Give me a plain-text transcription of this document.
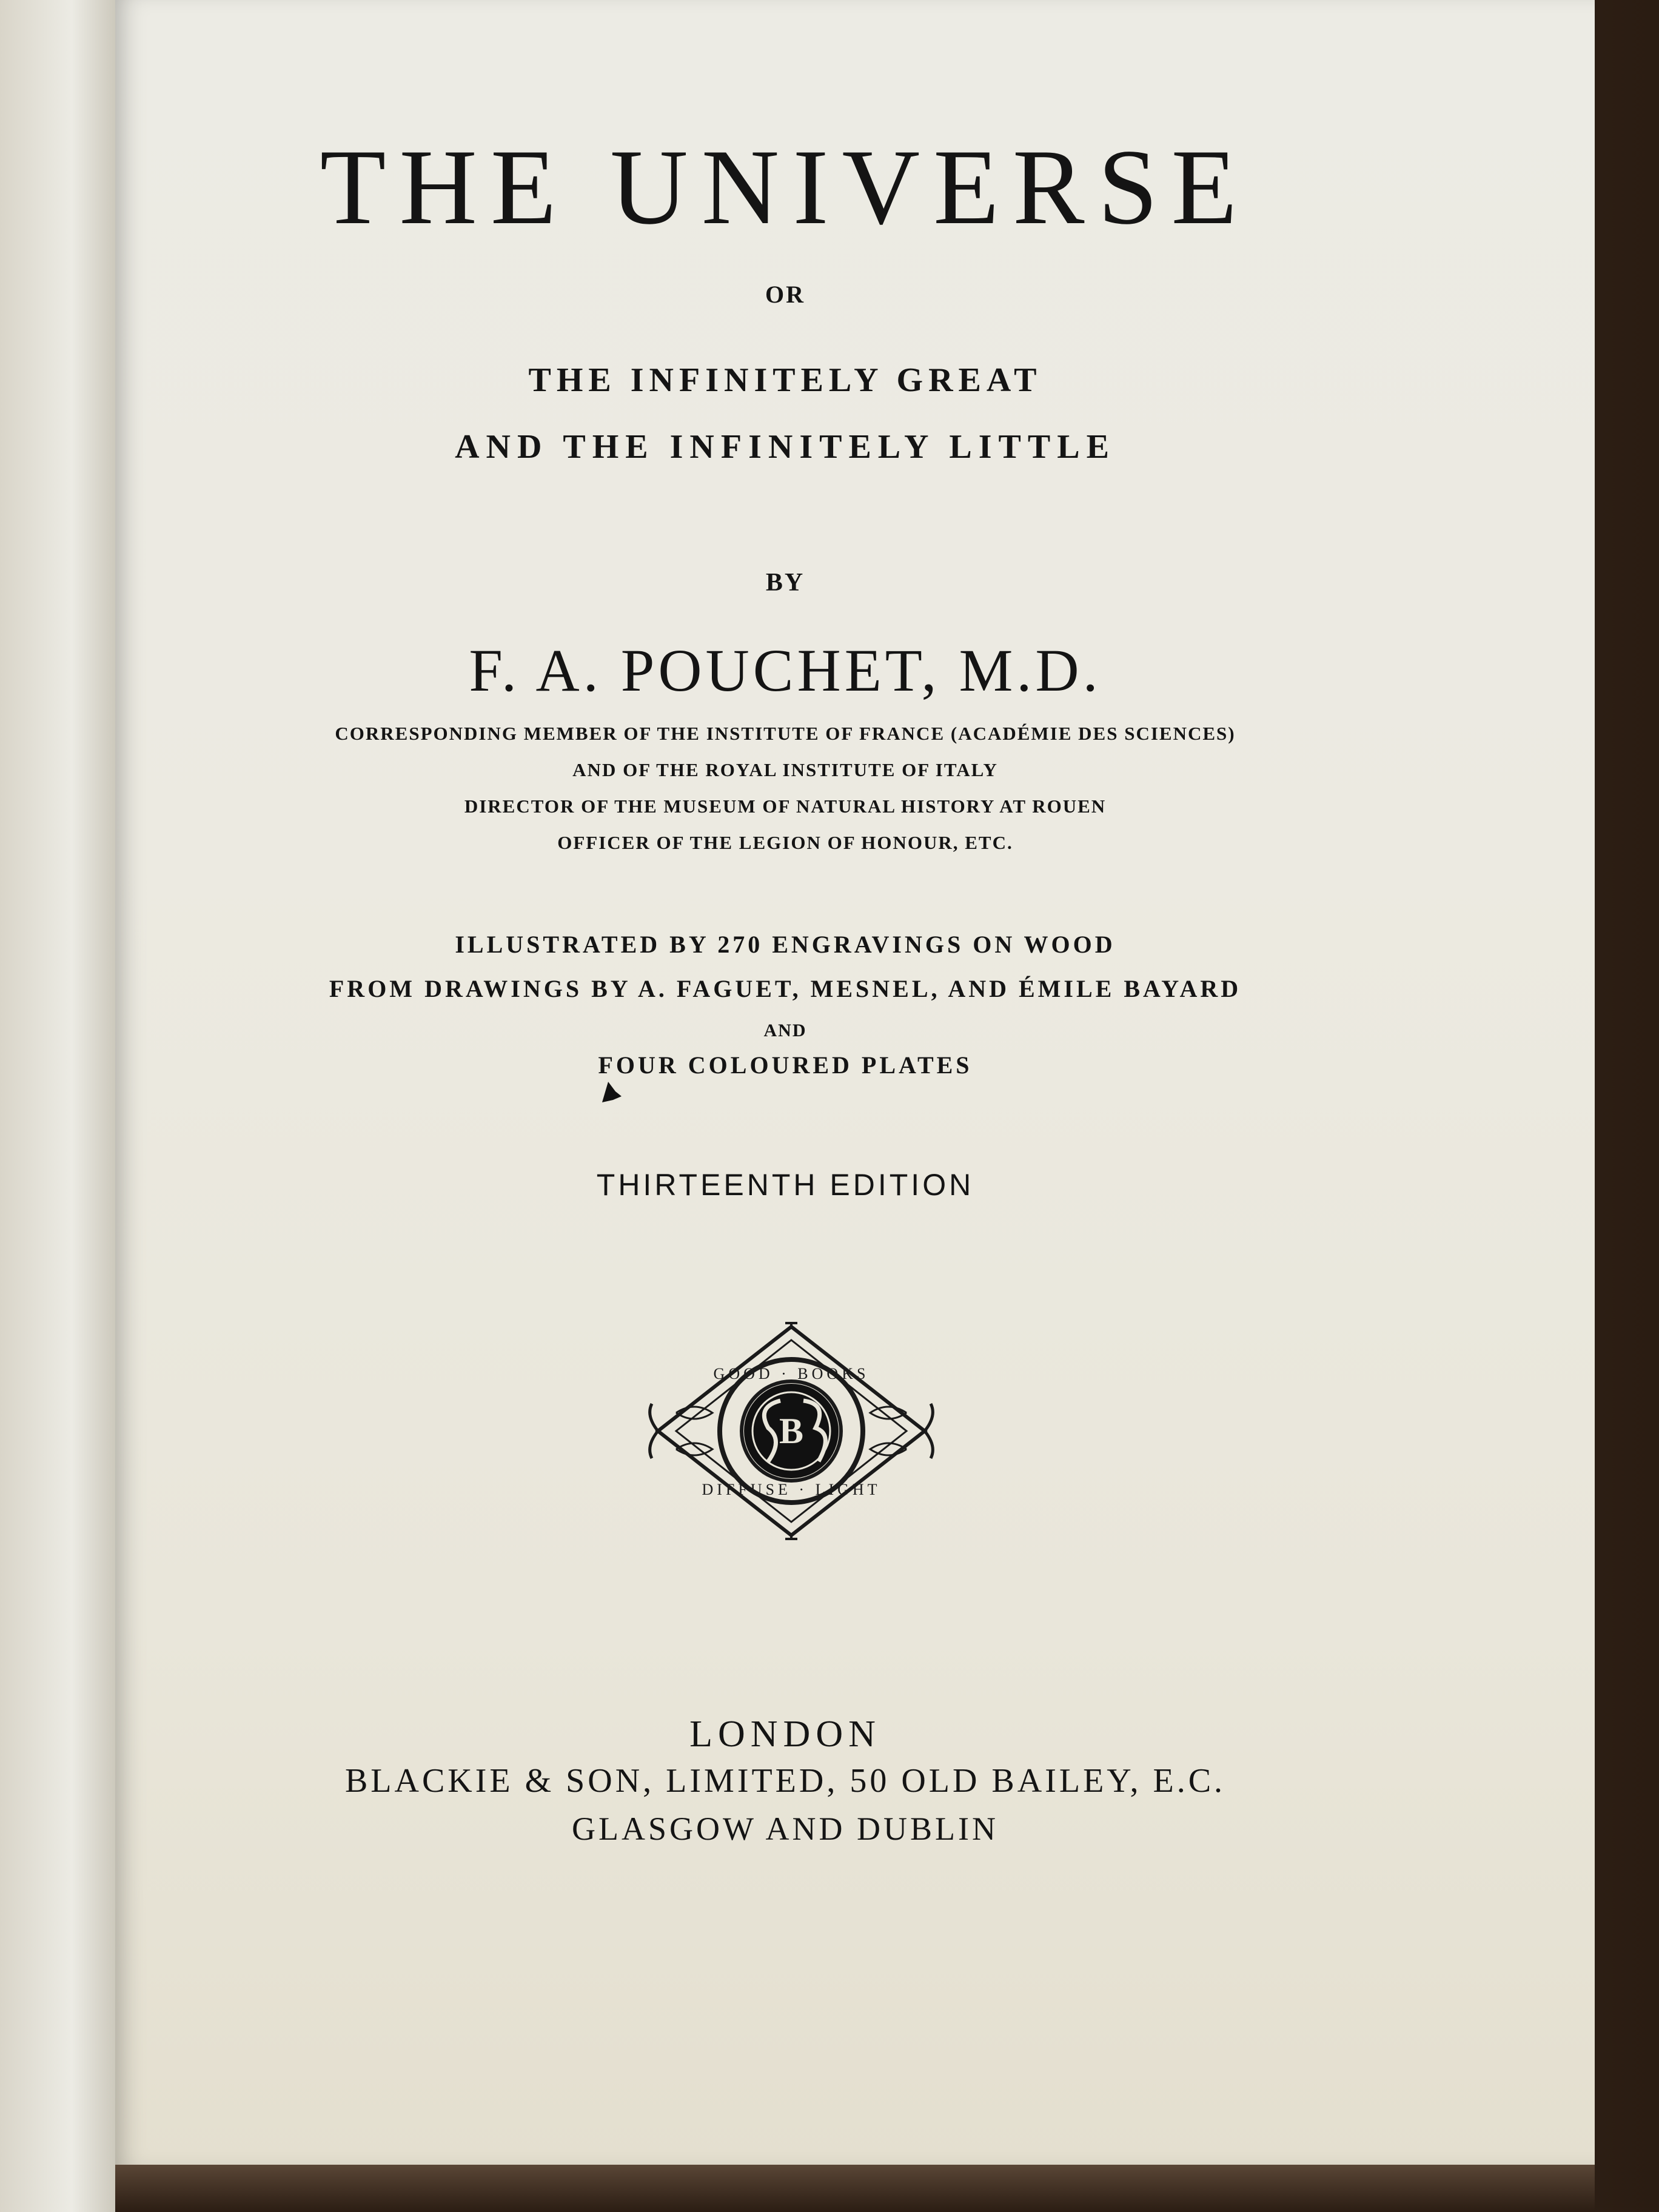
THE UNIVERSE
OR
THE INFINITELY GREAT
AND THE INFINITELY LITTLE
BY
F. A. POUCHET, M.D.
CORRESPONDING MEMBER OF THE INSTITUTE OF FRANCE (ACADÉMIE DES SCIENCES)
AND OF THE ROYAL INSTITUTE OF ITALY
DIRECTOR OF THE MUSEUM OF NATURAL HISTORY AT ROUEN
OFFICER OF THE LEGION OF HONOUR, ETC.
ILLUSTRATED BY 270 ENGRAVINGS ON WOOD
FROM DRAWINGS BY A. FAGUET, MESNEL, AND ÉMILE BAYARD
AND
FOUR COLOURED PLATES
THIRTEENTH EDITION
B
GOOD · BOOKS
DIFFUSE · LIGHT
LONDON
BLACKIE & SON, LIMITED, 50 OLD BAILEY, E.C.
GLASGOW AND DUBLIN
